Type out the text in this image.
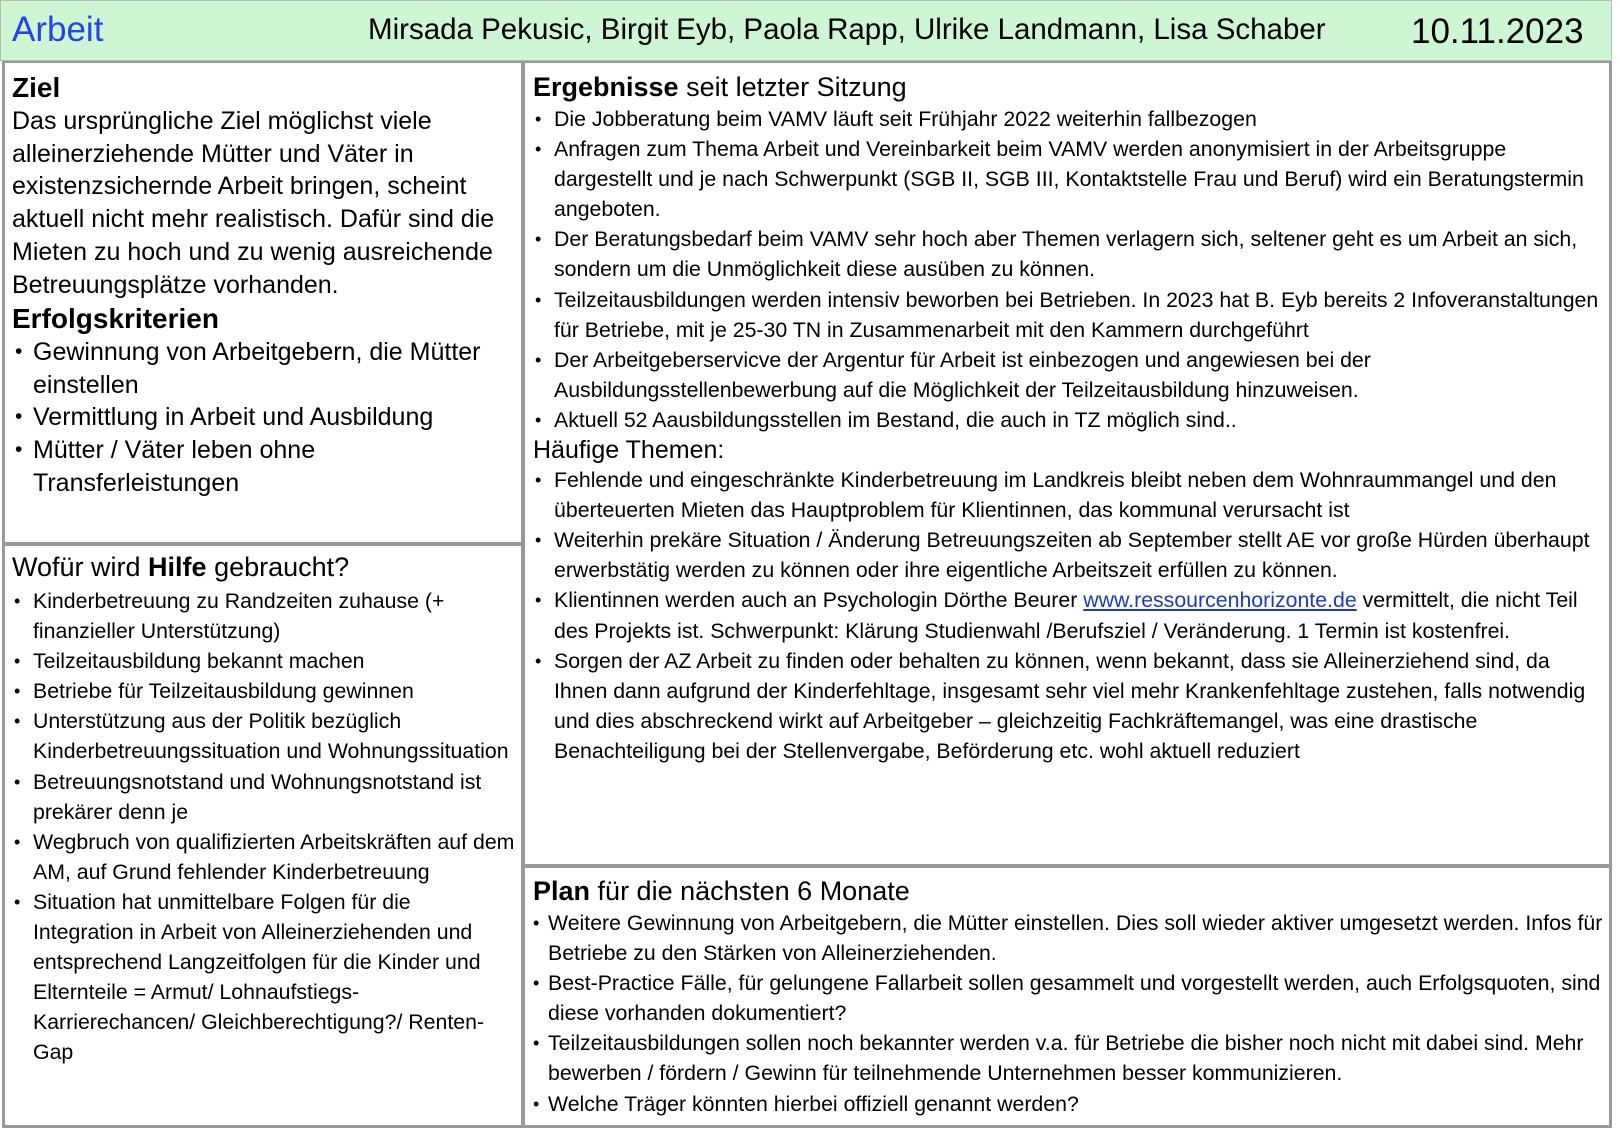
Arbeit	Mirsada Pekusic, Birgit Eyb, Paola Rapp, Ulrike Landmann, Lisa Schaber 10.11.2023
Ziel

Das ursprüngliche Ziel möglichst viele alleinerziehende Mütter und Väter in existenzsichernde Arbeit bringen, scheint aktuell nicht mehr realistisch. Dafür sind die Mieten zu hoch und zu wenig ausreichende Betreuungsplätze vorhanden.

Erfolgskriterien
• Gewinnung von Arbeitgebern, die Mütter einstellen
• Vermittlung in Arbeit und Ausbildung
• Mütter / Väter leben ohne Transferleistungen
Wofür wird Hilfe gebraucht?
• Kinderbetreuung zu Randzeiten zuhause (+ finanzieller Unterstützung)
• Teilzeitausbildung bekannt machen
• Betriebe für Teilzeitausbildung gewinnen
• Unterstützung aus der Politik bezüglich Kinderbetreuungssituation und Wohnungssituation
• Betreuungsnotstand und Wohnungsnotstand ist prekärer denn je
• Wegbruch von qualifizierten Arbeitskräften auf dem AM, auf Grund fehlender Kinderbetreuung
• Situation hat unmittelbare Folgen für die Integration in Arbeit von Alleinerziehenden und entsprechend Langzeitfolgen für die Kinder und Elternteile = Armut/ Lohnaufstiegs- Karrierechancen/ Gleichberechtigung?/ Renten-Gap
Ergebnisse seit letzter Sitzung
• Die Jobberatung beim VAMV läuft seit Frühjahr 2022 weiterhin fallbezogen
• Anfragen zum Thema Arbeit und Vereinbarkeit beim VAMV werden anonymisiert in der Arbeitsgruppe dargestellt und je nach Schwerpunkt (SGB II, SGB III, Kontaktstelle Frau und Beruf) wird ein Beratungstermin angeboten.
• Der Beratungsbedarf beim VAMV sehr hoch aber Themen verlagern sich, seltener geht es um Arbeit an sich, sondern um die Unmöglichkeit diese ausüben zu können.
• Teilzeitausbildungen werden intensiv beworben bei Betrieben. In 2023 hat B. Eyb bereits 2 Infoveranstaltungen für Betriebe, mit je 25-30 TN in Zusammenarbeit mit den Kammern durchgeführt
• Der Arbeitgeberservicve der Argentur für Arbeit ist einbezogen und angewiesen bei der Ausbildungsstellenbewerbung auf die Möglichkeit der Teilzeitausbildung hinzuweisen.
• Aktuell 52 Aausbildungsstellen im Bestand, die auch in TZ möglich sind..
Häufige Themen:
• Fehlende und eingeschränkte Kinderbetreuung im Landkreis bleibt neben dem Wohnraummangel und den überteuerten Mieten das Hauptproblem für Klientinnen, das kommunal verursacht ist
• Weiterhin prekäre Situation / Änderung Betreuungszeiten ab September stellt AE vor große Hürden überhaupt erwerbstätig werden zu können oder ihre eigentliche Arbeitszeit erfüllen zu können.
• Klientinnen werden auch an Psychologin Dörthe Beurer www.ressourcenhorizonte.de vermittelt, die nicht Teil des Projekts ist. Schwerpunkt: Klärung Studienwahl /Berufsziel / Veränderung. 1 Termin ist kostenfrei.
• Sorgen der AZ Arbeit zu finden oder behalten zu können, wenn bekannt, dass sie Alleinerziehend sind, da Ihnen dann aufgrund der Kinderfehltage, insgesamt sehr viel mehr Krankenfehltage zustehen, falls notwendig und dies abschreckend wirkt auf Arbeitgeber – gleichzeitig Fachkräftemangel, was eine drastische Benachteiligung bei der Stellenvergabe, Beförderung etc. wohl aktuell reduziert
Plan für die nächsten 6 Monate
• Weitere Gewinnung von Arbeitgebern, die Mütter einstellen. Dies soll wieder aktiver umgesetzt werden. Infos für Betriebe zu den Stärken von Alleinerziehenden.
• Best-Practice Fälle, für gelungene Fallarbeit sollen gesammelt und vorgestellt werden, auch Erfolgsquoten, sind diese vorhanden dokumentiert?
• Teilzeitausbildungen sollen noch bekannter werden v.a. für Betriebe die bisher noch nicht mit dabei sind. Mehr bewerben / fördern / Gewinn für teilnehmende Unternehmen besser kommunizieren.
• Welche Träger könnten hierbei offiziell genannt werden?
